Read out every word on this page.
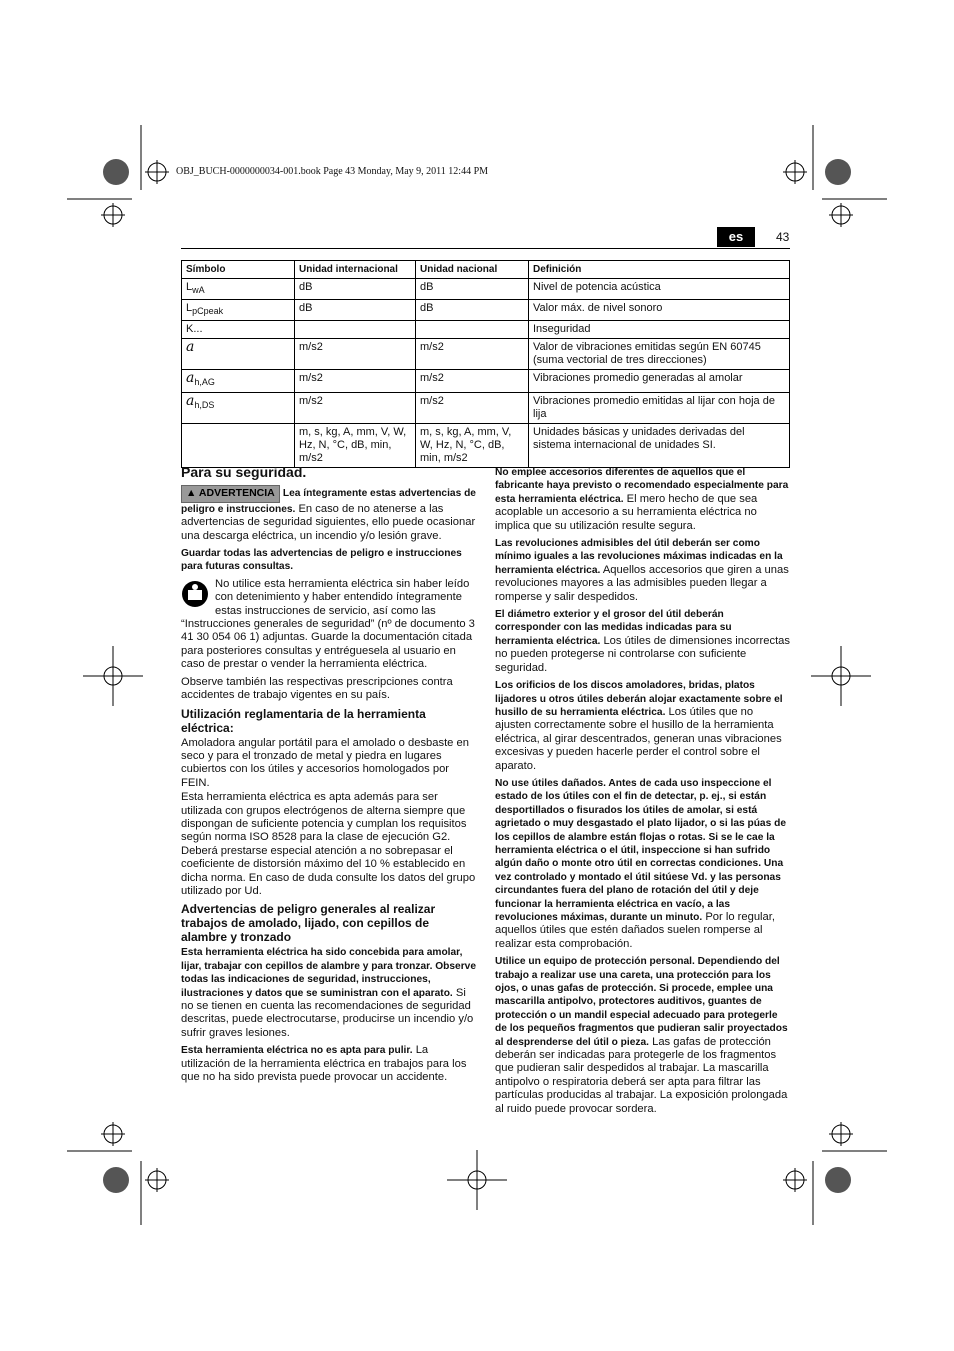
OBJ_BUCH-0000000034-001.book Page 43 Monday, May 9, 2011 12:44 PM
es	43
Símbolo	Unidad internacional	Unidad nacional	Definición
$L_{wA}$	dB	dB	Nivel de potencia acústica
$L_{pCpeak}$	dB	dB	Valor máx. de nivel sonoro
K...			Inseguridad
a	m/s2	m/s2	Valor de vibraciones emitidas según EN 60745 (suma vectorial de tres direcciones)
$a_{h,AG}$	m/s2	m/s2	Vibraciones promedio generadas al amolar
$a_{h,DS}$	m/s2	m/s2	Vibraciones promedio emitidas al lijar con hoja de lija
	m, s, kg, A, mm, V, W, Hz, N, °C, dB, min, m/s2	m, s, kg, A, mm, V, W, Hz, N, °C, dB, min, m/s2	Unidades básicas y unidades derivadas del sistema internacional de unidades SI.
Para su seguridad.

▲ ADVERTENCIA Lea íntegramente estas advertencias de peligro e instrucciones. En caso de no atenerse a las advertencias de seguridad siguientes, ello puede ocasionar una descarga eléctrica, un incendio y/o lesión grave.

Guardar todas las advertencias de peligro e instrucciones para futuras consultas.

No utilice esta herramienta eléctrica sin haber leído con detenimiento y haber entendido íntegramente estas instrucciones de servicio, así como las “Instrucciones generales de seguridad” (nº de documento 3 41 30 054 06 1) adjuntas. Guarde la documentación citada para posteriores consultas y entréguesela al usuario en caso de prestar o vender la herramienta eléctrica.

Observe también las respectivas prescripciones contra accidentes de trabajo vigentes en su país.

Utilización reglamentaria de la herramienta eléctrica:

Amoladora angular portátil para el amolado o desbaste en seco y para el tronzado de metal y piedra en lugares cubiertos con los útiles y accesorios homologados por FEIN.

Esta herramienta eléctrica es apta además para ser utilizada con grupos electrógenos de alterna siempre que dispongan de suficiente potencia y cumplan los requisitos según norma ISO 8528 para la clase de ejecución G2. Deberá prestarse especial atención a no sobrepasar el coeficiente de distorsión máximo del 10 % establecido en dicha norma. En caso de duda consulte los datos del grupo utilizado por Ud.

Advertencias de peligro generales al realizar trabajos de amolado, lijado, con cepillos de alambre y tronzado

Esta herramienta eléctrica ha sido concebida para amolar, lijar, trabajar con cepillos de alambre y para tronzar. Observe todas las indicaciones de seguridad, instrucciones, ilustraciones y datos que se suministran con el aparato. Si no se tienen en cuenta las recomendaciones de seguridad descritas, puede electrocutarse, producirse un incendio y/o sufrir graves lesiones.

Esta herramienta eléctrica no es apta para pulir. La utilización de la herramienta eléctrica en trabajos para los que no ha sido prevista puede provocar un accidente.

No emplee accesorios diferentes de aquellos que el fabricante haya previsto o recomendado especialmente para esta herramienta eléctrica. El mero hecho de que sea acoplable un accesorio a su herramienta eléctrica no implica que su utilización resulte segura.

Las revoluciones admisibles del útil deberán ser como mínimo iguales a las revoluciones máximas indicadas en la herramienta eléctrica. Aquellos accesorios que giren a unas revoluciones mayores a las admisibles pueden llegar a romperse y salir despedidos.

El diámetro exterior y el grosor del útil deberán corresponder con las medidas indicadas para su herramienta eléctrica. Los útiles de dimensiones incorrectas no pueden protegerse ni controlarse con suficiente seguridad.

Los orificios de los discos amoladores, bridas, platos lijadores u otros útiles deberán alojar exactamente sobre el husillo de su herramienta eléctrica. Los útiles que no ajusten correctamente sobre el husillo de la herramienta eléctrica, al girar descentrados, generan unas vibraciones excesivas y pueden hacerle perder el control sobre el aparato.

No use útiles dañados. Antes de cada uso inspeccione el estado de los útiles con el fin de detectar, p. ej., si están desportillados o fisurados los útiles de amolar, si está agrietado o muy desgastado el plato lijador, o si las púas de los cepillos de alambre están flojas o rotas. Si se le cae la herramienta eléctrica o el útil, inspeccione si han sufrido algún daño o monte otro útil en correctas condiciones. Una vez controlado y montado el útil sitúese Vd. y las personas circundantes fuera del plano de rotación del útil y deje funcionar la herramienta eléctrica en vacío, a las revoluciones máximas, durante un minuto. Por lo regular, aquellos útiles que estén dañados suelen romperse al realizar esta comprobación.

Utilice un equipo de protección personal. Dependiendo del trabajo a realizar use una careta, una protección para los ojos, o unas gafas de protección. Si procede, emplee una mascarilla antipolvo, protectores auditivos, guantes de protección o un mandil especial adecuado para protegerle de los pequeños fragmentos que pudieran salir proyectados al desprenderse del útil o pieza. Las gafas de protección deberán ser indicadas para protegerle de los fragmentos que pudieran salir despedidos al trabajar. La mascarilla antipolvo o respiratoria deberá ser apta para filtrar las partículas producidas al trabajar. La exposición prolongada al ruido puede provocar sordera.
